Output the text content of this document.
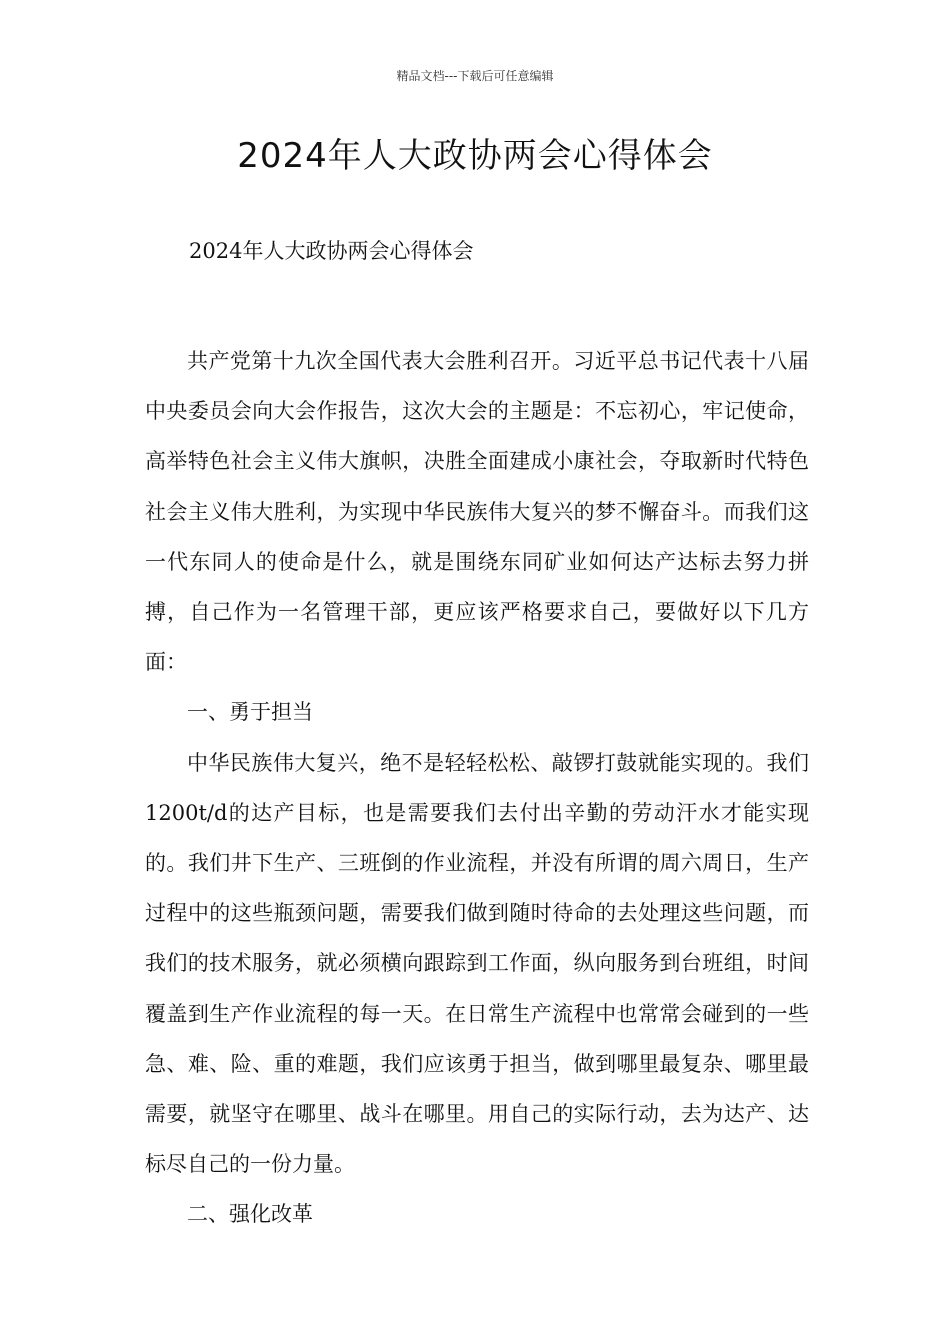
精品文档---下载后可任意编辑
2024年人大政协两会心得体会
2024年人大政协两会心得体会

共产党第十九次全国代表大会胜利召开。习近平总书记代表十八届中央委员会向大会作报告，这次大会的主题是：不忘初心，牢记使命，高举特色社会主义伟大旗帜，决胜全面建成小康社会，夺取新时代特色社会主义伟大胜利，为实现中华民族伟大复兴的梦不懈奋斗。而我们这一代东同人的使命是什么，就是围绕东同矿业如何达产达标去努力拼搏，自己作为一名管理干部，更应该严格要求自己，要做好以下几方面：

一、勇于担当

中华民族伟大复兴，绝不是轻轻松松、敲锣打鼓就能实现的。我们1200t/d的达产目标，也是需要我们去付出辛勤的劳动汗水才能实现的。我们井下生产、三班倒的作业流程，并没有所谓的周六周日，生产过程中的这些瓶颈问题，需要我们做到随时待命的去处理这些问题，而我们的技术服务，就必须横向跟踪到工作面，纵向服务到台班组，时间覆盖到生产作业流程的每一天。在日常生产流程中也常常会碰到的一些急、难、险、重的难题，我们应该勇于担当，做到哪里最复杂、哪里最需要，就坚守在哪里、战斗在哪里。用自己的实际行动，去为达产、达标尽自己的一份力量。

二、强化改革
